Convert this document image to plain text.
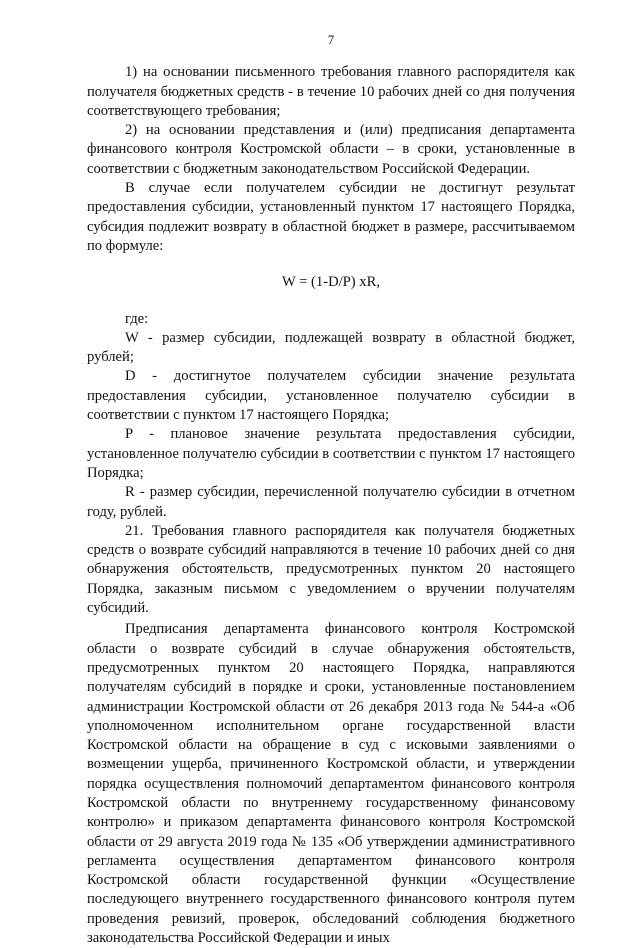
7

1) на основании письменного требования главного распорядителя как получателя бюджетных средств - в течение 10 рабочих дней со дня получения соответствующего требования;

2) на основании представления и (или) предписания департамента финансового контроля Костромской области – в сроки, установленные в соответствии с бюджетным законодательством Российской Федерации.

В случае если получателем субсидии не достигнут результат предоставления субсидии, установленный пунктом 17 настоящего Порядка, субсидия подлежит возврату в областной бюджет в размере, рассчитываемом по формуле:

W = (1-D/P) xR,

где:

W - размер субсидии, подлежащей возврату в областной бюджет, рублей;

D - достигнутое получателем субсидии значение результата предоставления субсидии, установленное получателю субсидии в соответствии с пунктом 17 настоящего Порядка;

P - плановое значение результата предоставления субсидии, установленное получателю субсидии в соответствии с пунктом 17 настоящего Порядка;

R - размер субсидии, перечисленной получателю субсидии в отчетном году, рублей.

21. Требования главного распорядителя как получателя бюджетных средств о возврате субсидий направляются в течение 10 рабочих дней со дня обнаружения обстоятельств, предусмотренных пунктом 20 настоящего Порядка, заказным письмом с уведомлением о вручении получателям субсидий.

Предписания департамента финансового контроля Костромской области о возврате субсидий в случае обнаружения обстоятельств, предусмотренных пунктом 20 настоящего Порядка, направляются получателям субсидий в порядке и сроки, установленные постановлением администрации Костромской области от 26 декабря 2013 года № 544-а «Об уполномоченном исполнительном органе государственной власти Костромской области на обращение в суд с исковыми заявлениями о возмещении ущерба, причиненного Костромской области, и утверждении порядка осуществления полномочий департаментом финансового контроля Костромской области по внутреннему государственному финансовому контролю» и приказом департамента финансового контроля Костромской области от 29 августа 2019 года № 135 «Об утверждении административного регламента осуществления департаментом финансового контроля Костромской области государственной функции «Осуществление последующего внутреннего государственного финансового контроля путем проведения ревизий, проверок, обследований соблюдения бюджетного законодательства Российской Федерации и иных
